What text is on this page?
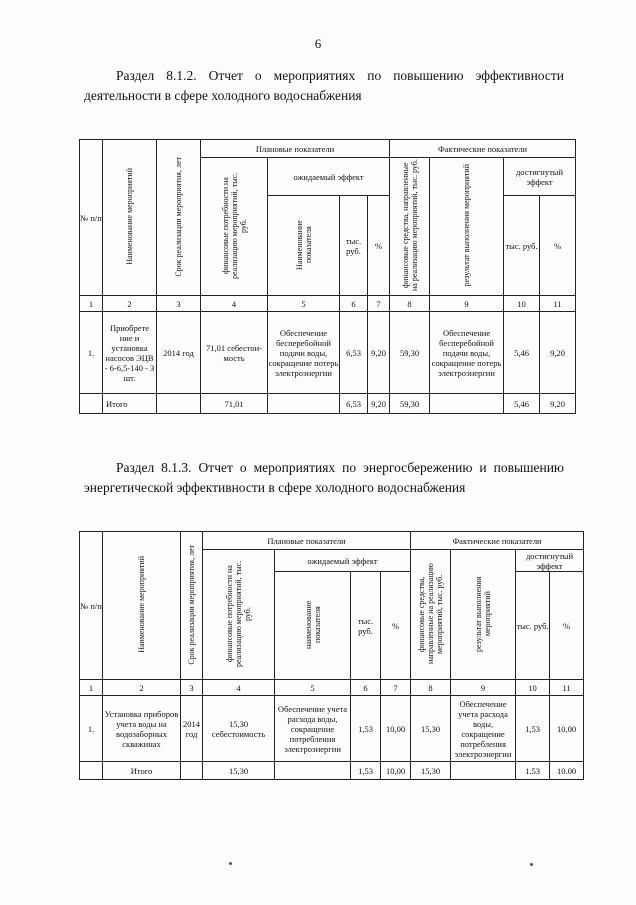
6
Раздел 8.1.2. Отчет о мероприятиях по повышению эффективности
деятельности в сфере холодного водоснабжения
№ п/п	Наименование мероприятий	Срок реализации мероприятия, лет	Плановые показатели				Фактические показатели			
			финансовые потребности на реализацию мероприятий, тыс. руб.	ожидаемый эффект			финансовые средства, направленные на реализацию мероприятий, тыс. руб.	результат выполнения мероприятий	достигнутый эффект	
				Наименование показателя	тыс. руб.	%			тыс. руб.	%
1	2	3	4	5	6	7	8	9	10	11
1.	Приобрете ние и установка насосов ЭЦВ - 6-6,5-140 - 3 шт.	2014 год	71,01 себестои-мость	Обеспечение бесперебойной подачи воды, сокращение потерь электроэнергии	6,53	9,20	59,30	Обеспечение бесперебойной подачи воды, сокращение потерь электроэнергии	5,46	9,20
	Итого		71,01		6,53	9,20	59,30		5,46	9,20
Раздел 8.1.3. Отчет о мероприятиях по энергосбережению и повышению
энергетической эффективности в сфере холодного водоснабжения
№ п/п	Наименование мероприятий	Срок реализации мероприятия, лет	Плановые показатели				Фактические показатели			
			финансовые потребности на реализацию мероприятий, тыс. руб.	ожидаемый эффект			финансовые средства, направленные на реализацию мероприятий, тыс. руб.	результат выполнения мероприятий	достигнутый эффект	
				наименование показателя	тыс. руб.	%			тыс. руб.	%
1	2	3	4	5	6	7	8	9	10	11
1.	Установка приборов учета воды на водозаборных скважинах	2014 год	15,30 себестоимость	Обеспечение учета расхода воды, сокращение потребления электроэнергии	1,53	10,00	15,30	Обеспечение учета расхода воды, сокращение потребления электроэнергии	1,53	10,00
	Итого		15,30		1,53	10,00	15,30		1.53	10.00
